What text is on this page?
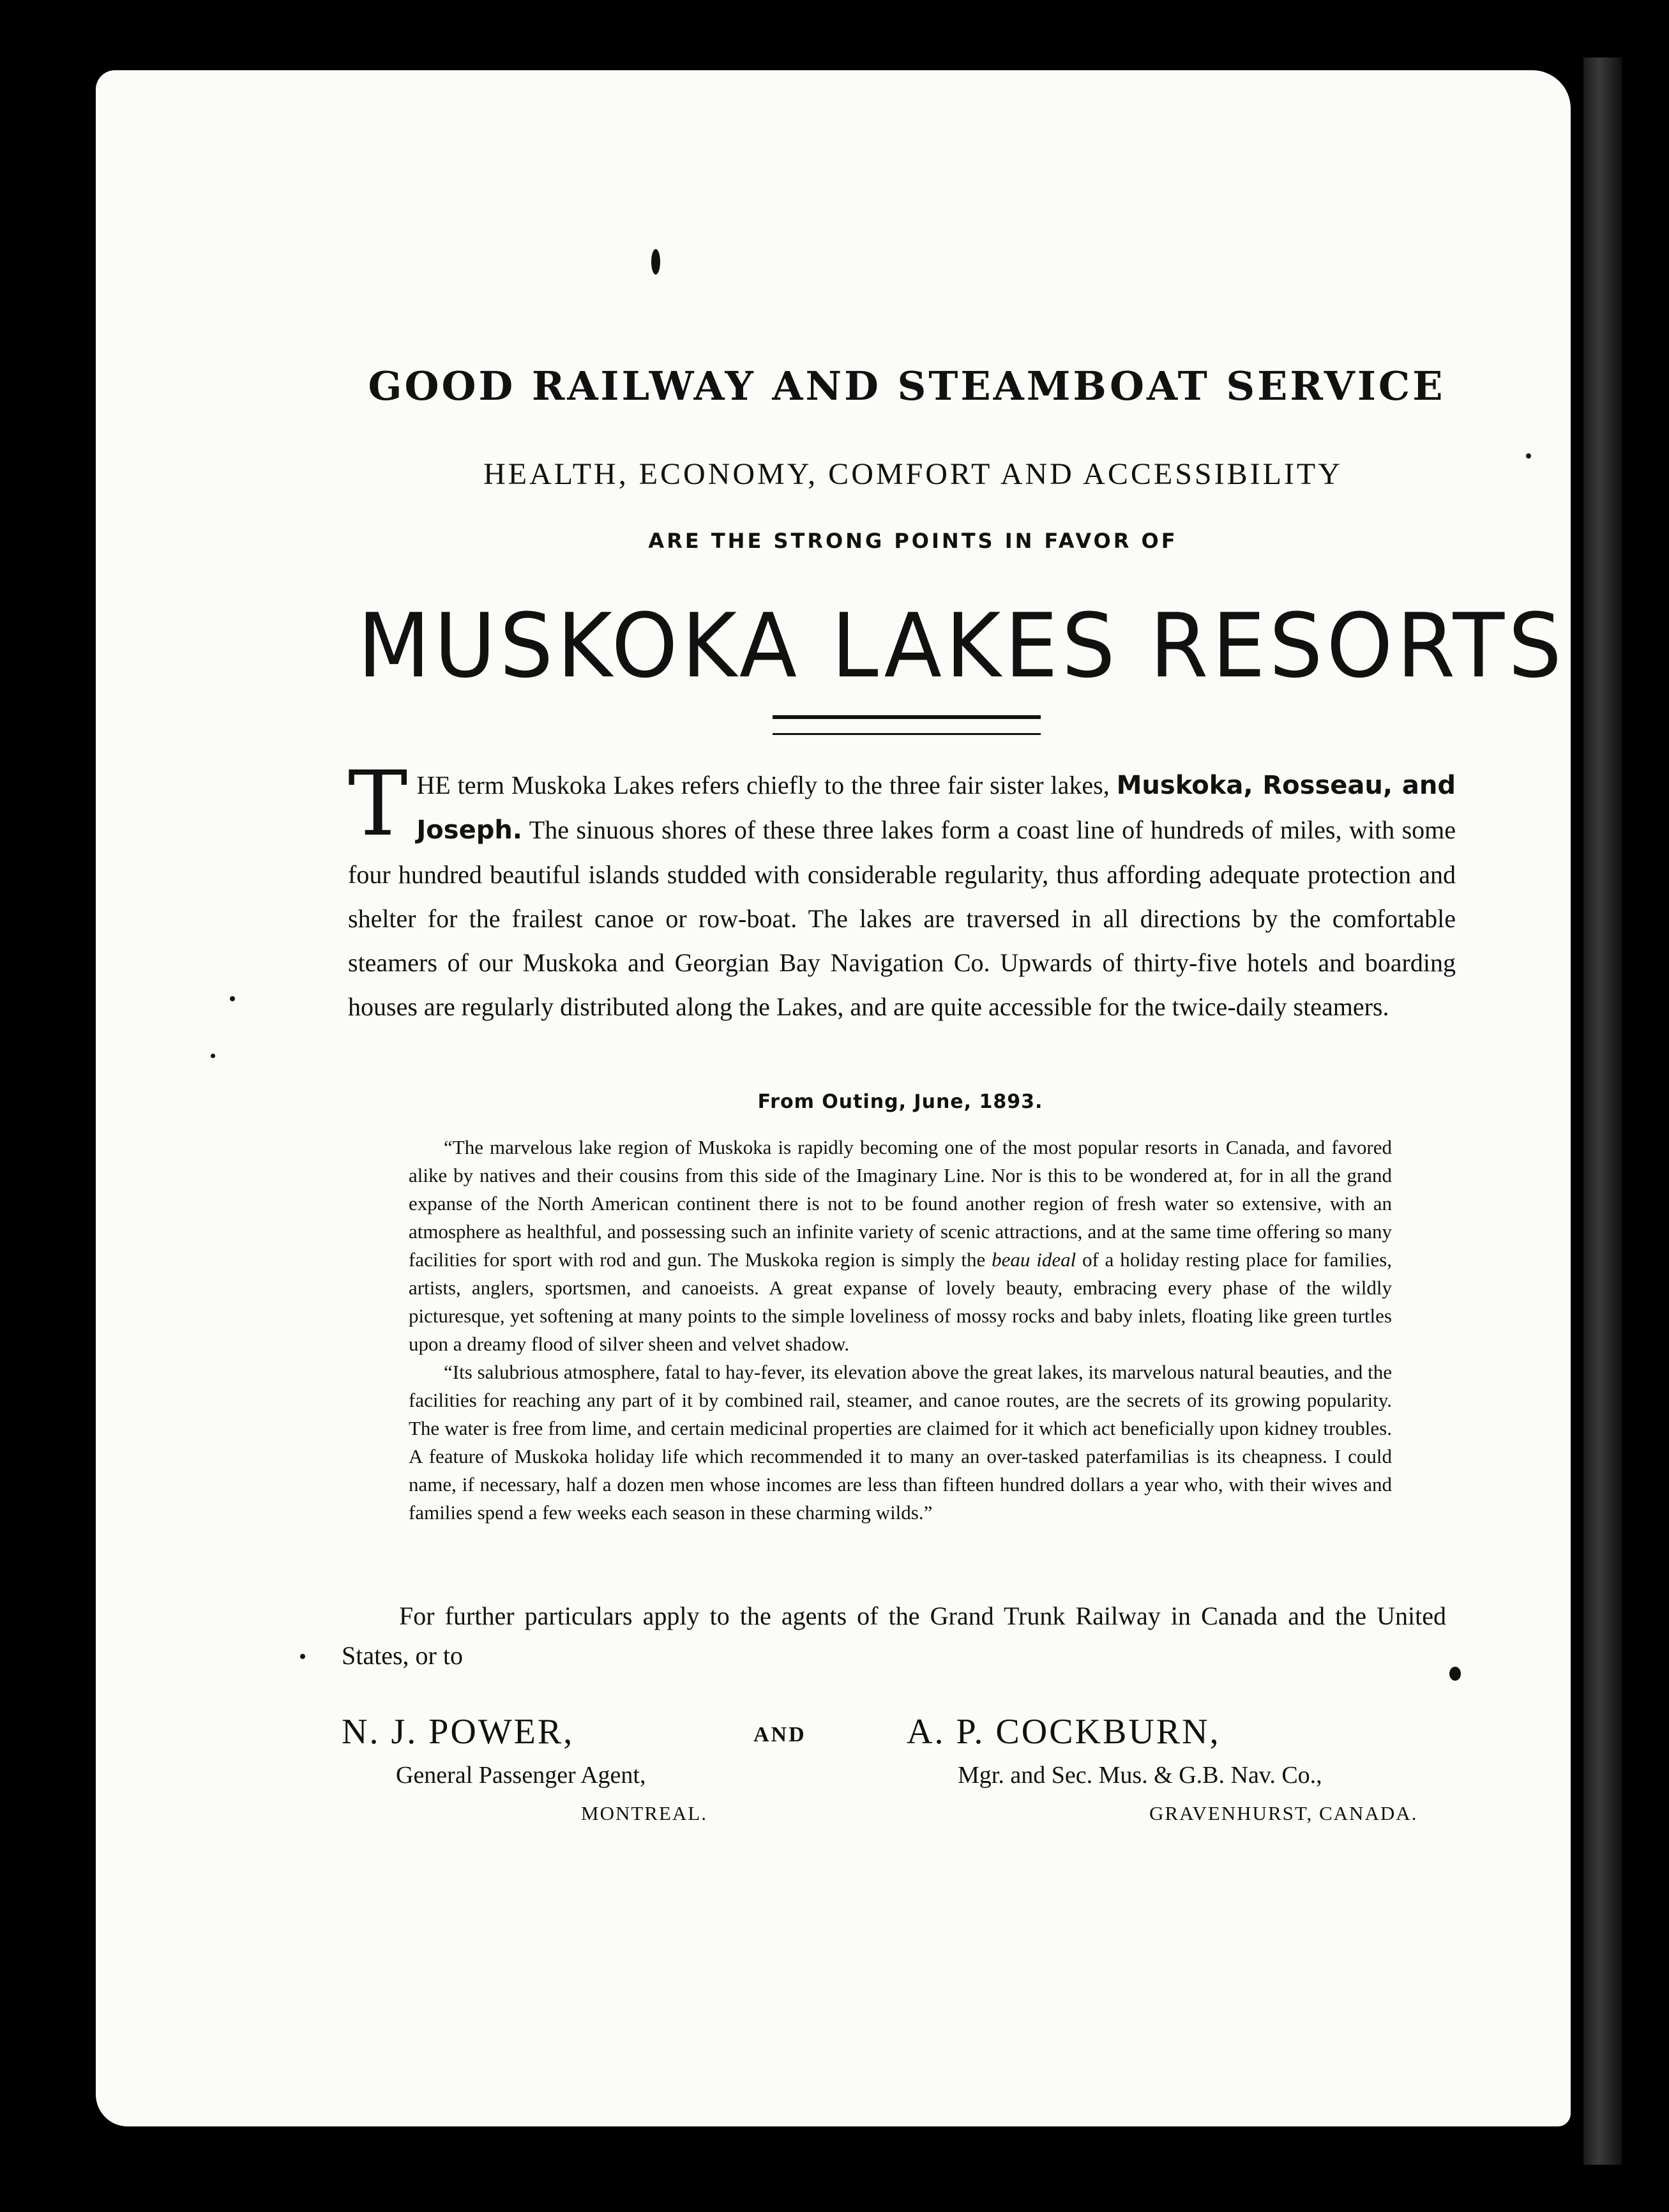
GOOD RAILWAY AND STEAMBOAT SERVICE
HEALTH, ECONOMY, COMFORT AND ACCESSIBILITY
ARE THE STRONG POINTS IN FAVOR OF
MUSKOKA LAKES RESORTS
THE term Muskoka Lakes refers chiefly to the three fair sister lakes, Muskoka, Rosseau, and Joseph. The sinuous shores of these three lakes form a coast line of hundreds of miles, with some four hundred beautiful islands studded with considerable regularity, thus affording adequate protection and shelter for the frailest canoe or row-boat. The lakes are traversed in all directions by the comfortable steamers of our Muskoka and Georgian Bay Navigation Co. Upwards of thirty-five hotels and boarding houses are regularly distributed along the Lakes, and are quite accessible for the twice-daily steamers.
From Outing, June, 1893.

“The marvelous lake region of Muskoka is rapidly becoming one of the most popular resorts in Canada, and favored alike by natives and their cousins from this side of the Imaginary Line. Nor is this to be wondered at, for in all the grand expanse of the North American continent there is not to be found another region of fresh water so extensive, with an atmosphere as healthful, and possessing such an infinite variety of scenic attractions, and at the same time offering so many facilities for sport with rod and gun. The Muskoka region is simply the beau ideal of a holiday resting place for families, artists, anglers, sportsmen, and canoeists. A great expanse of lovely beauty, embracing every phase of the wildly picturesque, yet softening at many points to the simple loveliness of mossy rocks and baby inlets, floating like green turtles upon a dreamy flood of silver sheen and velvet shadow.

“Its salubrious atmosphere, fatal to hay-fever, its elevation above the great lakes, its marvelous natural beauties, and the facilities for reaching any part of it by combined rail, steamer, and canoe routes, are the secrets of its growing popularity. The water is free from lime, and certain medicinal properties are claimed for it which act beneficially upon kidney troubles. A feature of Muskoka holiday life which recommended it to many an over-tasked paterfamilias is its cheapness. I could name, if necessary, half a dozen men whose incomes are less than fifteen hundred dollars a year who, with their wives and families spend a few weeks each season in these charming wilds.”

For further particulars apply to the agents of the Grand Trunk Railway in Canada and the United States, or to
N. J. POWER,	AND	A. P. COCKBURN,
General Passenger Agent,	Mgr. and Sec. Mus. & G.B. Nav. Co.,
MONTREAL.	GRAVENHURST, CANADA.
